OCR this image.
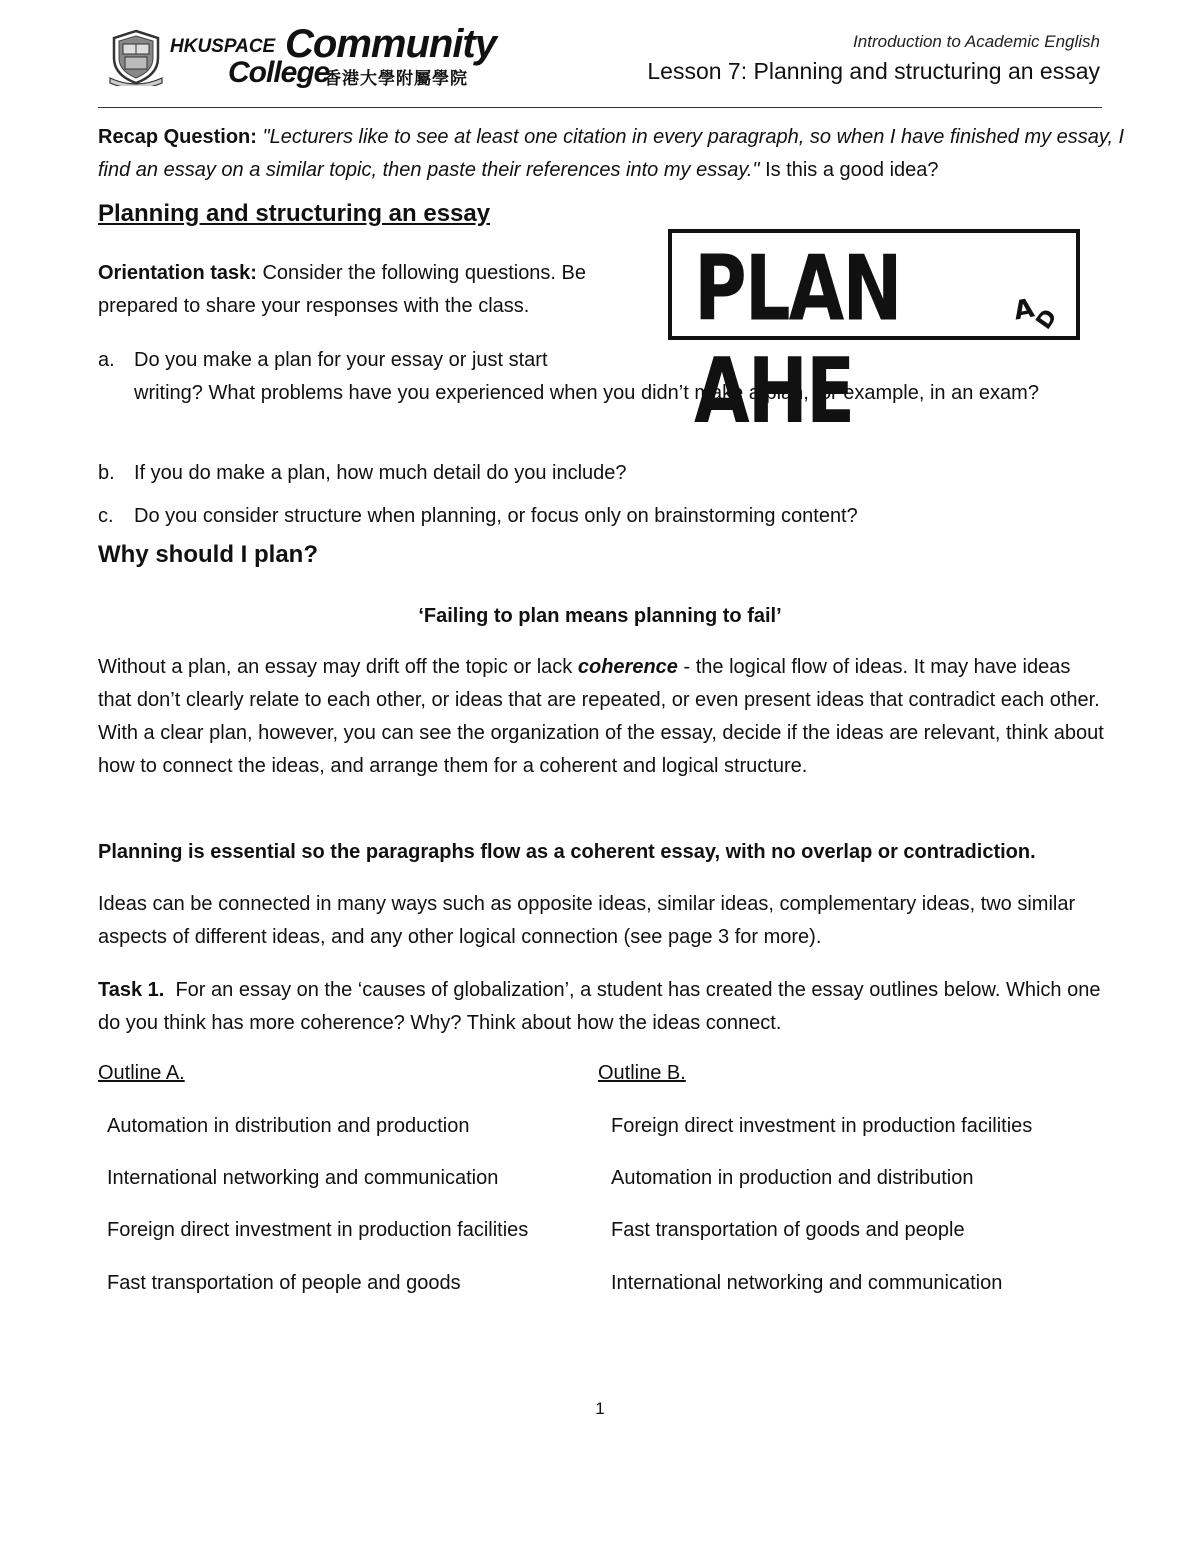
HKUSPACE Community
College
香港大學附屬學院
Introduction to Academic English
Lesson 7: Planning and structuring an essay
Recap Question: "Lecturers like to see at least one citation in every paragraph, so when I have finished my essay, I find an essay on a similar topic, then paste their references into my essay." Is this a good idea?
Planning and structuring an essay
Orientation task: Consider the following questions. Be prepared to share your responses with the class.	PLAN AHE
A
D
a. Do you make a plan for your essay or just start
writing? What problems have you experienced when you didn’t make a plan, for example, in an exam?
b. If you do make a plan, how much detail do you include?
c. Do you consider structure when planning, or focus only on brainstorming content?
Why should I plan?
‘Failing to plan means planning to fail’
Without a plan, an essay may drift off the topic or lack coherence - the logical flow of ideas. It may have ideas that don’t clearly relate to each other, or ideas that are repeated, or even present ideas that contradict each other. With a clear plan, however, you can see the organization of the essay, decide if the ideas are relevant, think about how to connect the ideas, and arrange them for a coherent and logical structure.
Planning is essential so the paragraphs flow as a coherent essay, with no overlap or contradiction.
Ideas can be connected in many ways such as opposite ideas, similar ideas, complementary ideas, two similar aspects of different ideas, and any other logical connection (see page 3 for more).
Task 1. For an essay on the ‘causes of globalization’, a student has created the essay outlines below. Which one do you think has more coherence? Why? Think about how the ideas connect.
Outline A.	Outline B.
Automation in distribution and production
International networking and communication
Foreign direct investment in production facilities
Fast transportation of people and goods
Foreign direct investment in production facilities
Automation in production and distribution
Fast transportation of goods and people
International networking and communication
1
